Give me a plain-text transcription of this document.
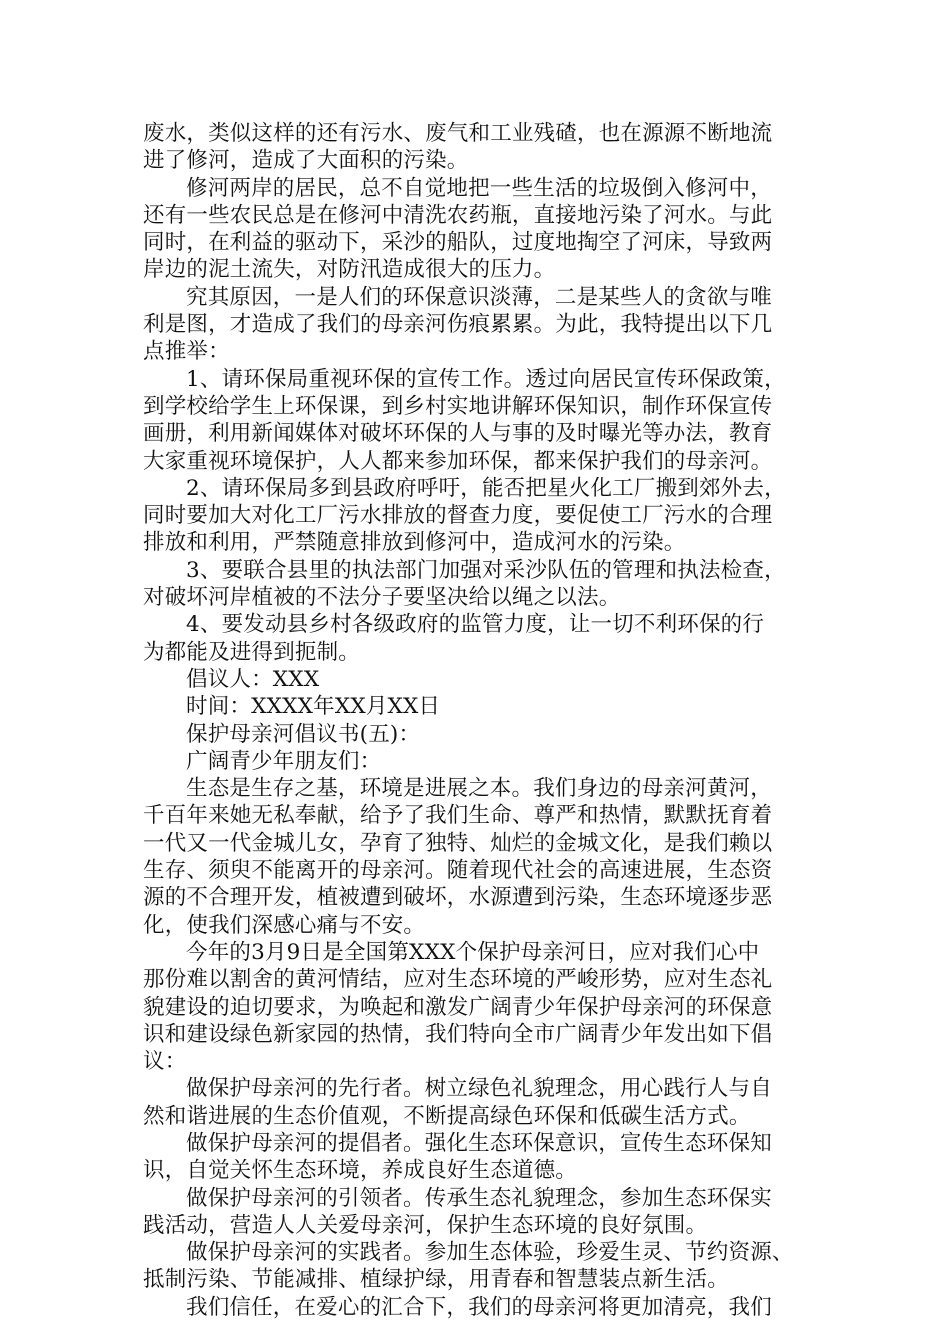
废水，类似这样的还有污水、废气和工业残碴，也在源源不断地流
进了修河，造成了大面积的污染。
修河两岸的居民，总不自觉地把一些生活的垃圾倒入修河中，
还有一些农民总是在修河中清洗农药瓶，直接地污染了河水。与此
同时，在利益的驱动下，采沙的船队，过度地掏空了河床，导致两
岸边的泥土流失，对防汛造成很大的压力。
究其原因，一是人们的环保意识淡薄，二是某些人的贪欲与唯
利是图，才造成了我们的母亲河伤痕累累。为此，我特提出以下几
点推举：
1、请环保局重视环保的宣传工作。透过向居民宣传环保政策，
到学校给学生上环保课，到乡村实地讲解环保知识，制作环保宣传
画册，利用新闻媒体对破坏环保的人与事的及时曝光等办法，教育
大家重视环境保护，人人都来参加环保，都来保护我们的母亲河。
2、请环保局多到县政府呼吁，能否把星火化工厂搬到郊外去，
同时要加大对化工厂污水排放的督查力度，要促使工厂污水的合理
排放和利用，严禁随意排放到修河中，造成河水的污染。
3、要联合县里的执法部门加强对采沙队伍的管理和执法检查，
对破坏河岸植被的不法分子要坚决给以绳之以法。
4、要发动县乡村各级政府的监管力度，让一切不利环保的行
为都能及进得到扼制。
倡议人：XXX
时间：XXXX年XX月XX日
保护母亲河倡议书(五)：
广阔青少年朋友们：
生态是生存之基，环境是进展之本。我们身边的母亲河黄河，
千百年来她无私奉献，给予了我们生命、尊严和热情，默默抚育着
一代又一代金城儿女，孕育了独特、灿烂的金城文化，是我们赖以
生存、须臾不能离开的母亲河。随着现代社会的高速进展，生态资
源的不合理开发，植被遭到破坏，水源遭到污染，生态环境逐步恶
化，使我们深感心痛与不安。
今年的3月9日是全国第XXX个保护母亲河日，应对我们心中
那份难以割舍的黄河情结，应对生态环境的严峻形势，应对生态礼
貌建设的迫切要求，为唤起和激发广阔青少年保护母亲河的环保意
识和建设绿色新家园的热情，我们特向全市广阔青少年发出如下倡
议：
做保护母亲河的先行者。树立绿色礼貌理念，用心践行人与自
然和谐进展的生态价值观，不断提高绿色环保和低碳生活方式。
做保护母亲河的提倡者。强化生态环保意识，宣传生态环保知
识，自觉关怀生态环境，养成良好生态道德。
做保护母亲河的引领者。传承生态礼貌理念，参加生态环保实
践活动，营造人人关爱母亲河，保护生态环境的良好氛围。
做保护母亲河的实践者。参加生态体验，珍爱生灵、节约资源、
抵制污染、节能减排、植绿护绿，用青春和智慧装点新生活。
我们信任，在爱心的汇合下，我们的母亲河将更加清亮，我们
